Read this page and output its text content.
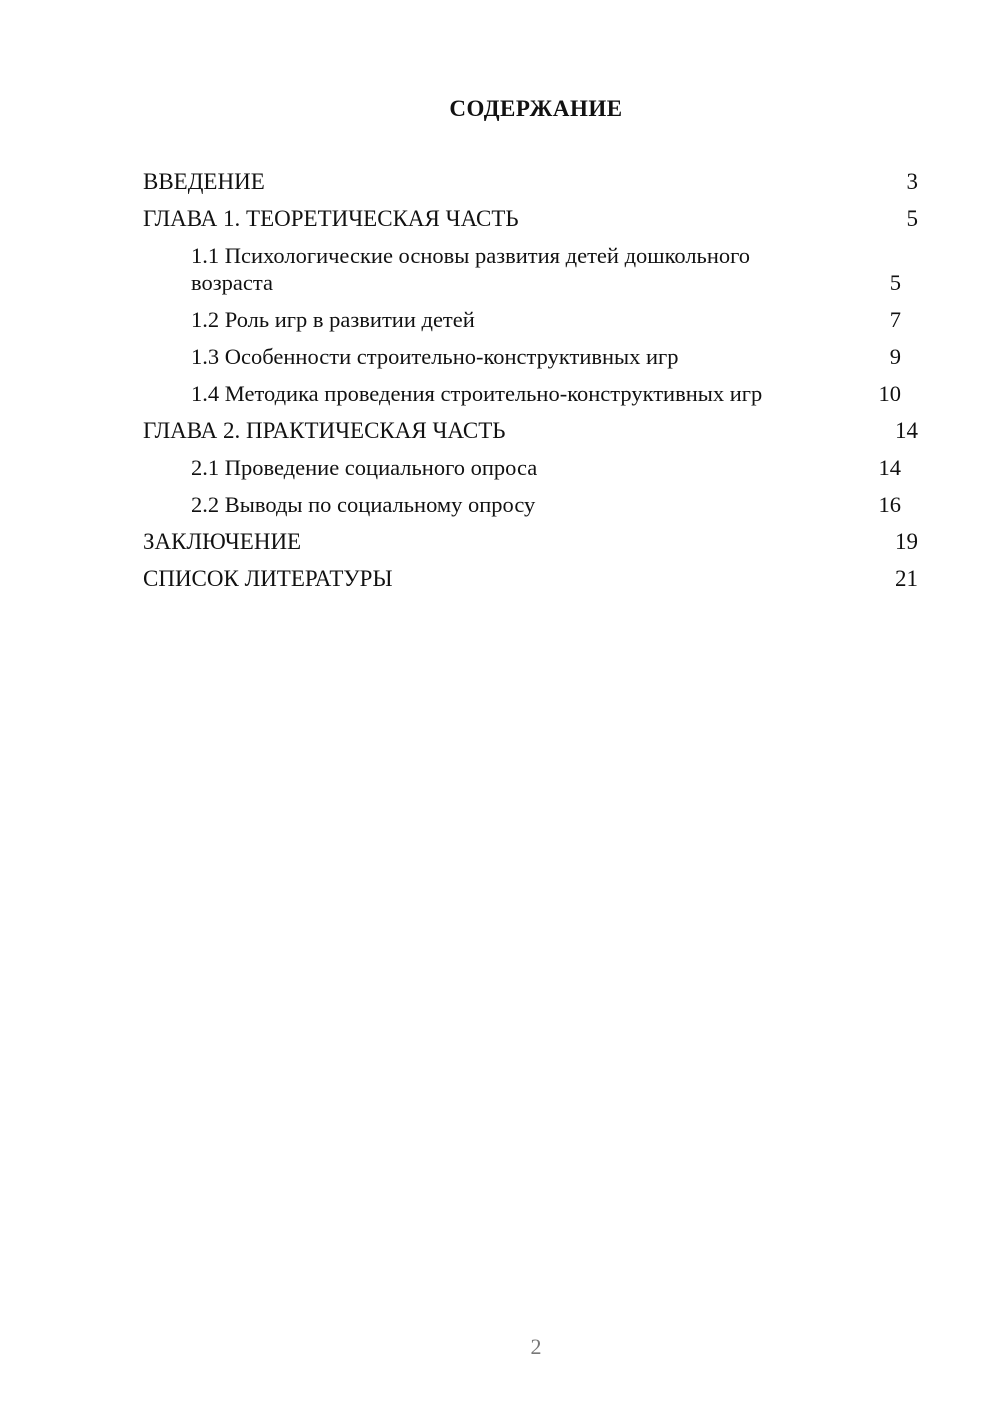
СОДЕРЖАНИЕ
ВВЕДЕНИЕ	3
ГЛАВА 1. ТЕОРЕТИЧЕСКАЯ ЧАСТЬ	5
1.1 Психологические основы развития детей дошкольного возраста	5
1.2 Роль игр в развитии детей	7
1.3 Особенности строительно-конструктивных игр	9
1.4 Методика проведения строительно-конструктивных игр	10
ГЛАВА 2. ПРАКТИЧЕСКАЯ ЧАСТЬ	14
2.1 Проведение социального опроса	14
2.2 Выводы по социальному опросу	16
ЗАКЛЮЧЕНИЕ	19
СПИСОК ЛИТЕРАТУРЫ	21
2
